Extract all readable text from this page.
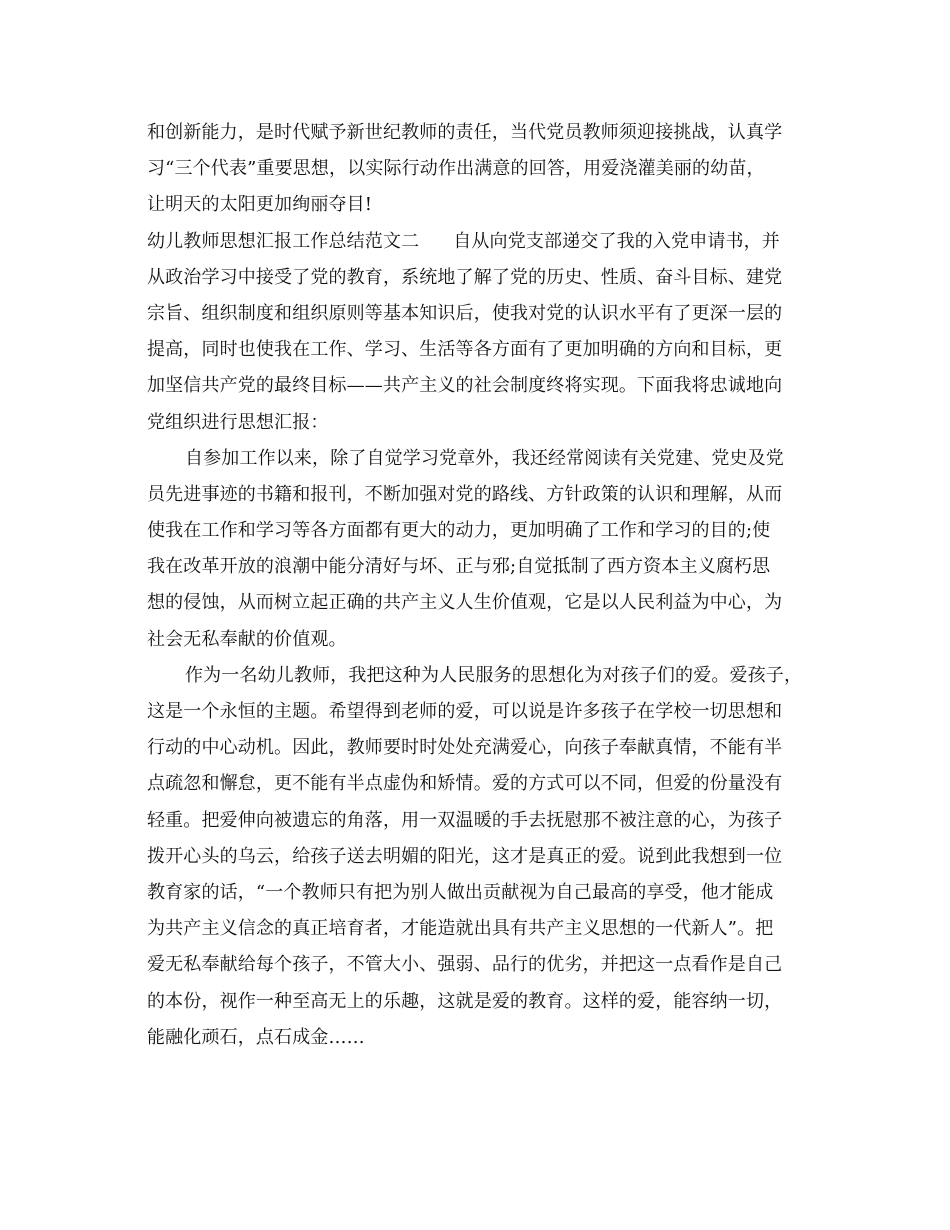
和创新能力，是时代赋予新世纪教师的责任，当代党员教师须迎接挑战，认真学
习“三个代表”重要思想，以实际行动作出满意的回答，用爱浇灌美丽的幼苗，
让明天的太阳更加绚丽夺目!
幼儿教师思想汇报工作总结范文二 自从向党支部递交了我的入党申请书，并
从政治学习中接受了党的教育，系统地了解了党的历史、性质、奋斗目标、建党
宗旨、组织制度和组织原则等基本知识后，使我对党的认识水平有了更深一层的
提高，同时也使我在工作、学习、生活等各方面有了更加明确的方向和目标，更
加坚信共产党的最终目标——共产主义的社会制度终将实现。下面我将忠诚地向
党组织进行思想汇报：
自参加工作以来，除了自觉学习党章外，我还经常阅读有关党建、党史及党
员先进事迹的书籍和报刊，不断加强对党的路线、方针政策的认识和理解，从而
使我在工作和学习等各方面都有更大的动力，更加明确了工作和学习的目的;使
我在改革开放的浪潮中能分清好与坏、正与邪;自觉抵制了西方资本主义腐朽思
想的侵蚀，从而树立起正确的共产主义人生价值观，它是以人民利益为中心，为
社会无私奉献的价值观。
作为一名幼儿教师，我把这种为人民服务的思想化为对孩子们的爱。爱孩子，
这是一个永恒的主题。希望得到老师的爱，可以说是许多孩子在学校一切思想和
行动的中心动机。因此，教师要时时处处充满爱心，向孩子奉献真情，不能有半
点疏忽和懈怠，更不能有半点虚伪和矫情。爱的方式可以不同，但爱的份量没有
轻重。把爱伸向被遗忘的角落，用一双温暖的手去抚慰那不被注意的心，为孩子
拨开心头的乌云，给孩子送去明媚的阳光，这才是真正的爱。说到此我想到一位
教育家的话，“一个教师只有把为别人做出贡献视为自己最高的享受，他才能成
为共产主义信念的真正培育者，才能造就出具有共产主义思想的一代新人”。把
爱无私奉献给每个孩子，不管大小、强弱、品行的优劣，并把这一点看作是自己
的本份，视作一种至高无上的乐趣，这就是爱的教育。这样的爱，能容纳一切，
能融化顽石，点石成金……
